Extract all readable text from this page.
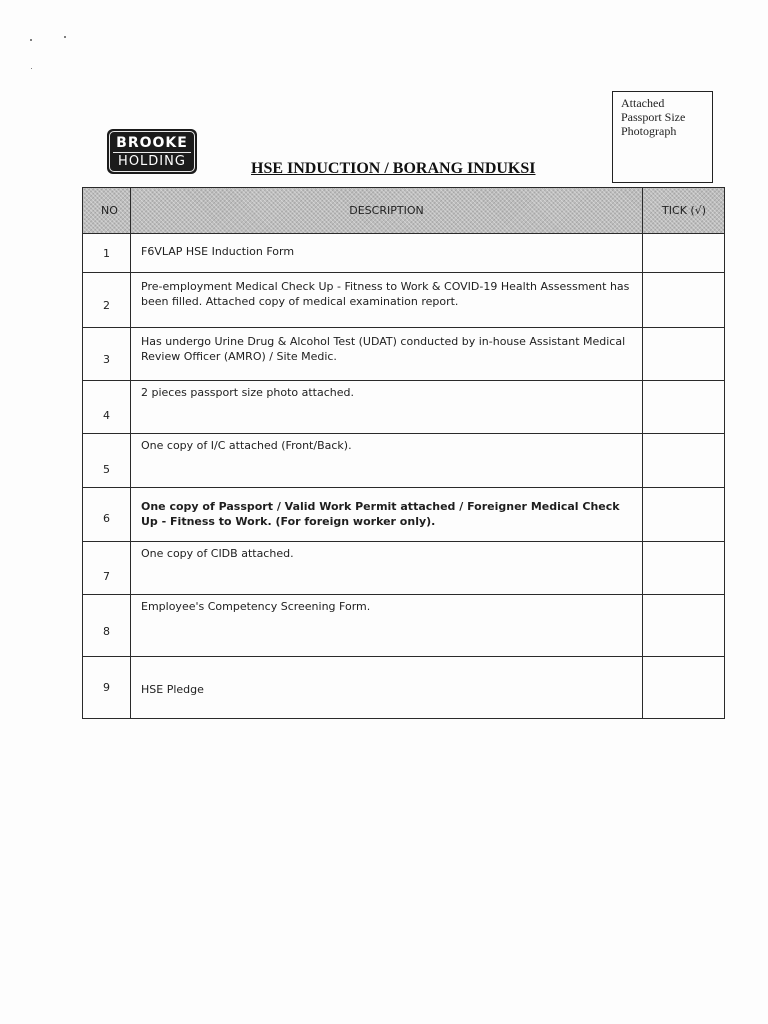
Attached Passport Size Photograph
BROOKE
HOLDING	HSE INDUCTION / BORANG INDUKSI
NO	DESCRIPTION	TICK (√)
1	F6VLAP HSE Induction Form	
2	Pre-employment Medical Check Up - Fitness to Work & COVID-19 Health Assessment has been filled. Attached copy of medical examination report.	
3	Has undergo Urine Drug & Alcohol Test (UDAT) conducted by in-house Assistant Medical Review Officer (AMRO) / Site Medic.	
4	2 pieces passport size photo attached.	
5	One copy of I/C attached (Front/Back).	
6	One copy of Passport / Valid Work Permit attached / Foreigner Medical Check Up - Fitness to Work. (For foreign worker only).	
7	One copy of CIDB attached.	
8	Employee's Competency Screening Form.	
9	HSE Pledge	
